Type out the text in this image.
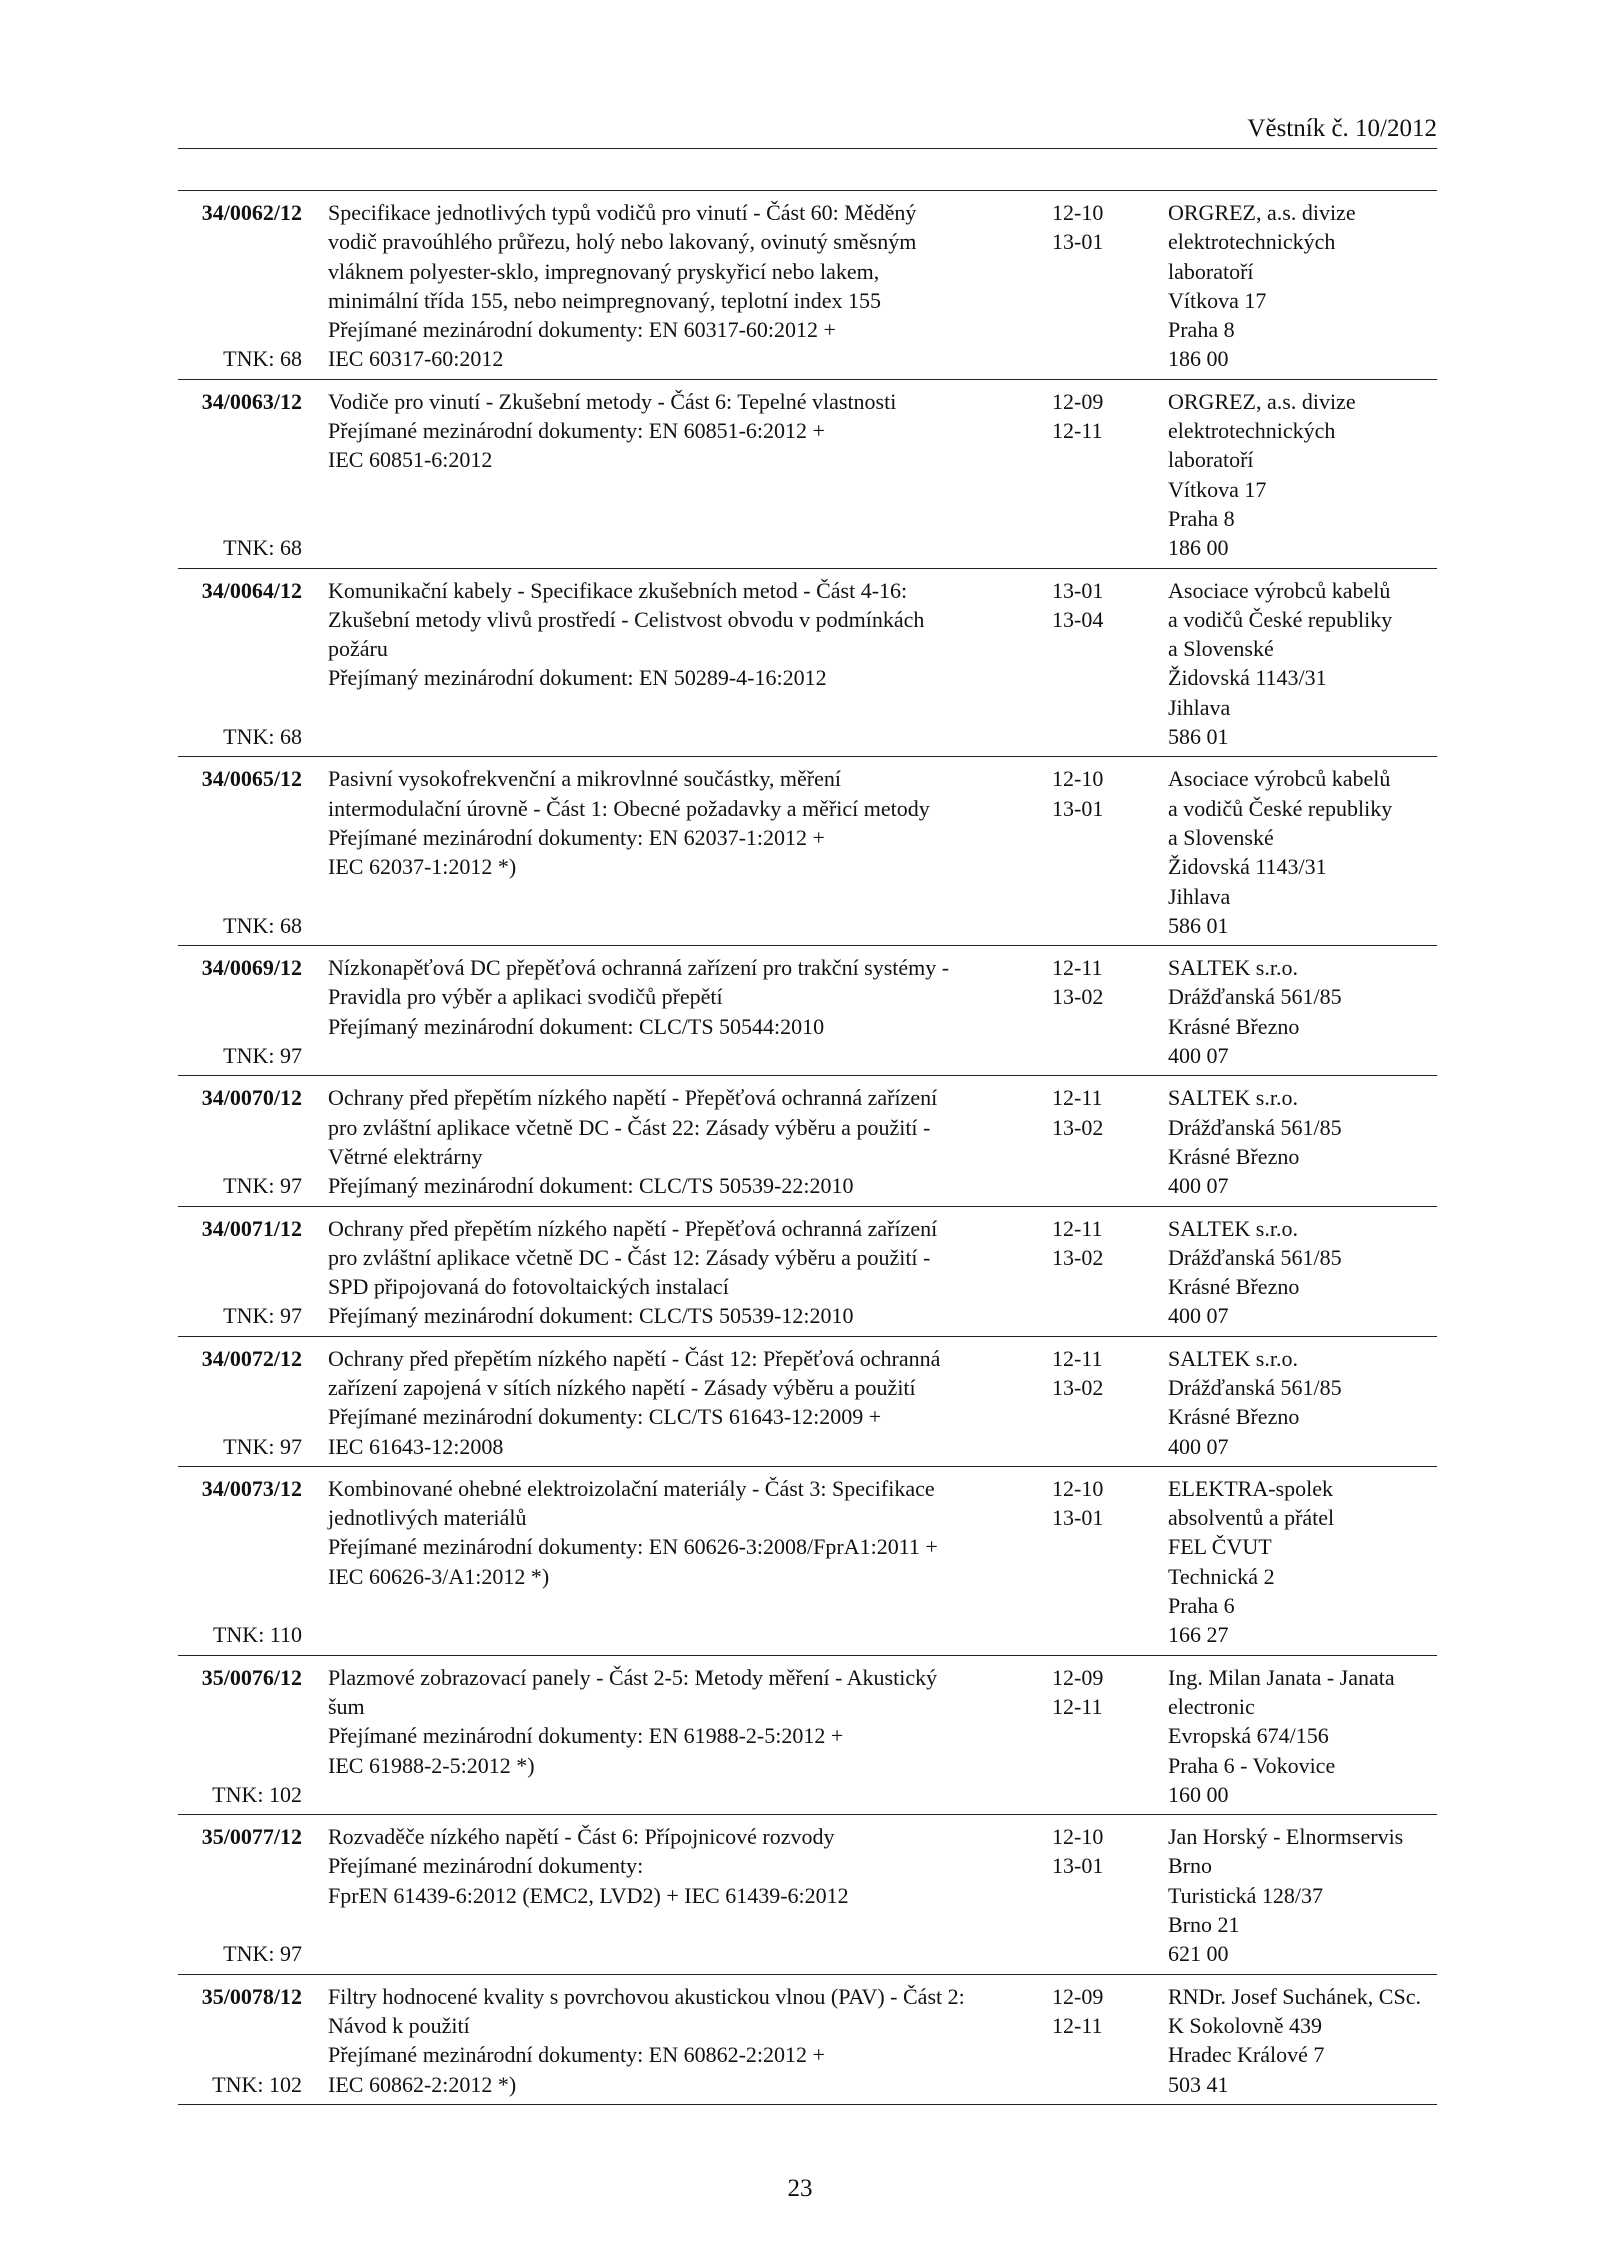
Věstník č. 10/2012
34/0062/12
TNK: 68
Specifikace jednotlivých typů vodičů pro vinutí - Část 60: Měděný
vodič pravoúhlého průřezu, holý nebo lakovaný, ovinutý směsným
vláknem polyester-sklo, impregnovaný pryskyřicí nebo lakem,
minimální třída 155, nebo neimpregnovaný, teplotní index 155
Přejímané mezinárodní dokumenty: EN 60317-60:2012 +
IEC 60317-60:2012
12-10
13-01
ORGREZ, a.s. divize
elektrotechnických
laboratoří
Vítkova 17
Praha 8
186 00
34/0063/12
TNK: 68
Vodiče pro vinutí - Zkušební metody - Část 6: Tepelné vlastnosti
Přejímané mezinárodní dokumenty: EN 60851-6:2012 +
IEC 60851-6:2012
12-09
12-11
ORGREZ, a.s. divize
elektrotechnických
laboratoří
Vítkova 17
Praha 8
186 00
34/0064/12
TNK: 68
Komunikační kabely - Specifikace zkušebních metod - Část 4-16:
Zkušební metody vlivů prostředí - Celistvost obvodu v podmínkách
požáru
Přejímaný mezinárodní dokument: EN 50289-4-16:2012
13-01
13-04
Asociace výrobců kabelů
a vodičů České republiky
a Slovenské
Židovská 1143/31
Jihlava
586 01
34/0065/12
TNK: 68
Pasivní vysokofrekvenční a mikrovlnné součástky, měření
intermodulační úrovně - Část 1: Obecné požadavky a měřicí metody
Přejímané mezinárodní dokumenty: EN 62037-1:2012 +
IEC 62037-1:2012 *)
12-10
13-01
Asociace výrobců kabelů
a vodičů České republiky
a Slovenské
Židovská 1143/31
Jihlava
586 01
34/0069/12
TNK: 97
Nízkonapěťová DC přepěťová ochranná zařízení pro trakční systémy -
Pravidla pro výběr a aplikaci svodičů přepětí
Přejímaný mezinárodní dokument: CLC/TS 50544:2010
12-11
13-02
SALTEK s.r.o.
Drážďanská 561/85
Krásné Březno
400 07
34/0070/12
TNK: 97
Ochrany před přepětím nízkého napětí - Přepěťová ochranná zařízení
pro zvláštní aplikace včetně DC - Část 22: Zásady výběru a použití -
Větrné elektrárny
Přejímaný mezinárodní dokument: CLC/TS 50539-22:2010
12-11
13-02
SALTEK s.r.o.
Drážďanská 561/85
Krásné Březno
400 07
34/0071/12
TNK: 97
Ochrany před přepětím nízkého napětí - Přepěťová ochranná zařízení
pro zvláštní aplikace včetně DC - Část 12: Zásady výběru a použití -
SPD připojovaná do fotovoltaických instalací
Přejímaný mezinárodní dokument: CLC/TS 50539-12:2010
12-11
13-02
SALTEK s.r.o.
Drážďanská 561/85
Krásné Březno
400 07
34/0072/12
TNK: 97
Ochrany před přepětím nízkého napětí - Část 12: Přepěťová ochranná
zařízení zapojená v sítích nízkého napětí - Zásady výběru a použití
Přejímané mezinárodní dokumenty: CLC/TS 61643-12:2009 +
IEC 61643-12:2008
12-11
13-02
SALTEK s.r.o.
Drážďanská 561/85
Krásné Březno
400 07
34/0073/12
TNK: 110
Kombinované ohebné elektroizolační materiály - Část 3: Specifikace
jednotlivých materiálů
Přejímané mezinárodní dokumenty: EN 60626-3:2008/FprA1:2011 +
IEC 60626-3/A1:2012 *)
12-10
13-01
ELEKTRA-spolek
absolventů a přátel
FEL ČVUT
Technická 2
Praha 6
166 27
35/0076/12
TNK: 102
Plazmové zobrazovací panely - Část 2-5: Metody měření - Akustický
šum
Přejímané mezinárodní dokumenty: EN 61988-2-5:2012 +
IEC 61988-2-5:2012 *)
12-09
12-11
Ing. Milan Janata - Janata
electronic
Evropská 674/156
Praha 6 - Vokovice
160 00
35/0077/12
TNK: 97
Rozvaděče nízkého napětí - Část 6: Přípojnicové rozvody
Přejímané mezinárodní dokumenty:
FprEN 61439-6:2012 (EMC2, LVD2) + IEC 61439-6:2012
12-10
13-01
Jan Horský - Elnormservis
Brno
Turistická 128/37
Brno 21
621 00
35/0078/12
TNK: 102
Filtry hodnocené kvality s povrchovou akustickou vlnou (PAV) - Část 2:
Návod k použití
Přejímané mezinárodní dokumenty: EN 60862-2:2012 +
IEC 60862-2:2012 *)
12-09
12-11
RNDr. Josef Suchánek, CSc.
K Sokolovně 439
Hradec Králové 7
503 41
23
